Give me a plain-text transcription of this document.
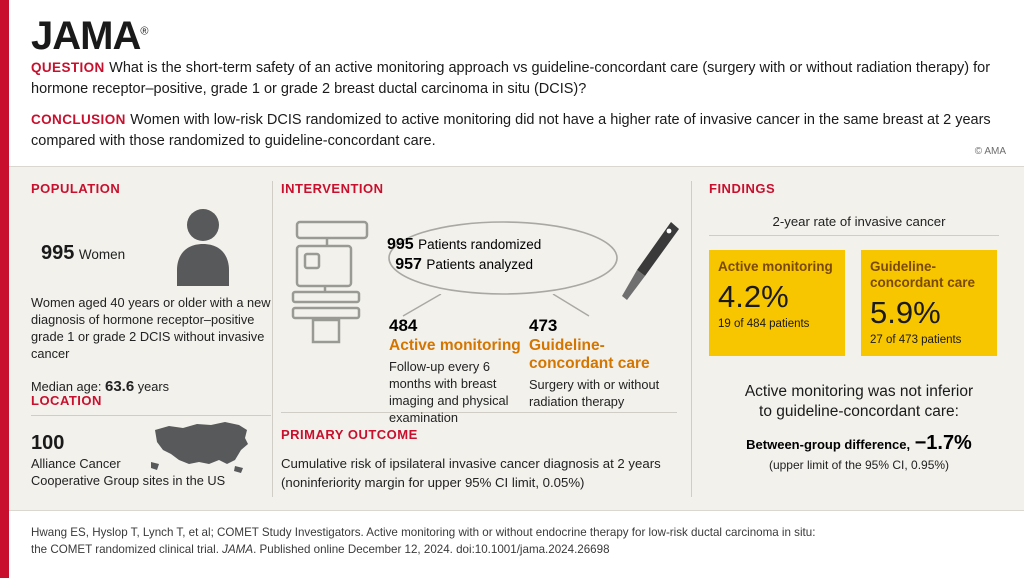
JAMA®
QUESTION What is the short-term safety of an active monitoring approach vs guideline-concordant care (surgery with or without radiation therapy) for hormone receptor–positive, grade 1 or grade 2 breast ductal carcinoma in situ (DCIS)?
CONCLUSION Women with low-risk DCIS randomized to active monitoring did not have a higher rate of invasive cancer in the same breast at 2 years compared with those randomized to guideline-concordant care.
© AMA
POPULATION
995 Women
Women aged 40 years or older with a new diagnosis of hormone receptor–positive grade 1 or grade 2 DCIS without invasive cancer
Median age: 63.6 years
LOCATION
100
Alliance Cancer
Cooperative Group sites in the US
INTERVENTION
995 Patients randomized
957 Patients analyzed
484
Active monitoring
Follow-up every 6 months with breast imaging and physical examination
473
Guideline-concordant care
Surgery with or without radiation therapy
PRIMARY OUTCOME
Cumulative risk of ipsilateral invasive cancer diagnosis at 2 years (noninferiority margin for upper 95% CI limit, 0.05%)
FINDINGS
2-year rate of invasive cancer
Active monitoring
4.2%
19 of 484 patients
Guideline-concordant care
5.9%
27 of 473 patients
Active monitoring was not inferior
to guideline-concordant care:
Between-group difference, −1.7%
(upper limit of the 95% CI, 0.95%)

Hwang ES, Hyslop T, Lynch T, et al; COMET Study Investigators. Active monitoring with or without endocrine therapy for low-risk ductal carcinoma in situ:

the COMET randomized clinical trial. JAMA. Published online December 12, 2024. doi:10.1001/jama.2024.26698
